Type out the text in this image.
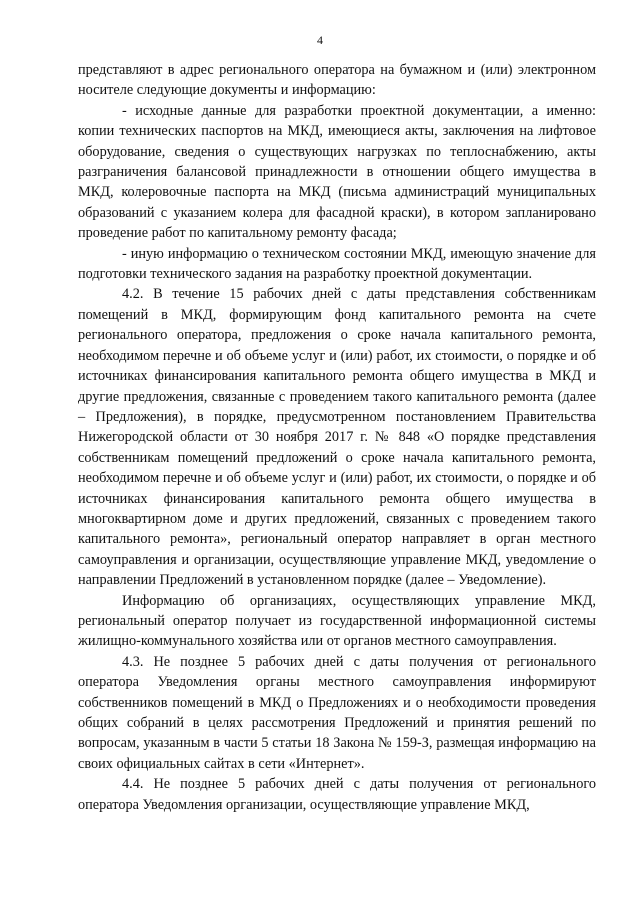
4

представляют в адрес регионального оператора на бумажном и (или) электронном носителе следующие документы и информацию:

- исходные данные для разработки проектной документации, а именно: копии технических паспортов на МКД, имеющиеся акты, заключения на лифтовое оборудование, сведения о существующих нагрузках по теплоснабжению, акты разграничения балансовой принадлежности в отношении общего имущества в МКД, колеровочные паспорта на МКД (письма администраций муниципальных образований с указанием колера для фасадной краски), в котором запланировано проведение работ по капитальному ремонту фасада;

- иную информацию о техническом состоянии МКД, имеющую значение для подготовки технического задания на разработку проектной документации.

4.2. В течение 15 рабочих дней с даты представления собственникам помещений в МКД, формирующим фонд капитального ремонта на счете регионального оператора, предложения о сроке начала капитального ремонта, необходимом перечне и об объеме услуг и (или) работ, их стоимости, о порядке и об источниках финансирования капитального ремонта общего имущества в МКД и другие предложения, связанные с проведением такого капитального ремонта (далее – Предложения), в порядке, предусмотренном постановлением Правительства Нижегородской области от 30 ноября 2017 г. № 848 «О порядке представления собственникам помещений предложений о сроке начала капитального ремонта, необходимом перечне и об объеме услуг и (или) работ, их стоимости, о порядке и об источниках финансирования капитального ремонта общего имущества в многоквартирном доме и других предложений, связанных с проведением такого капитального ремонта», региональный оператор направляет в орган местного самоуправления и организации, осуществляющие управление МКД, уведомление о направлении Предложений в установленном порядке (далее – Уведомление).

Информацию об организациях, осуществляющих управление МКД, региональный оператор получает из государственной информационной системы жилищно-коммунального хозяйства или от органов местного самоуправления.

4.3. Не позднее 5 рабочих дней с даты получения от регионального оператора Уведомления органы местного самоуправления информируют собственников помещений в МКД о Предложениях и о необходимости проведения общих собраний в целях рассмотрения Предложений и принятия решений по вопросам, указанным в части 5 статьи 18 Закона № 159-З, размещая информацию на своих официальных сайтах в сети «Интернет».

4.4. Не позднее 5 рабочих дней с даты получения от регионального оператора Уведомления организации, осуществляющие управление МКД,
